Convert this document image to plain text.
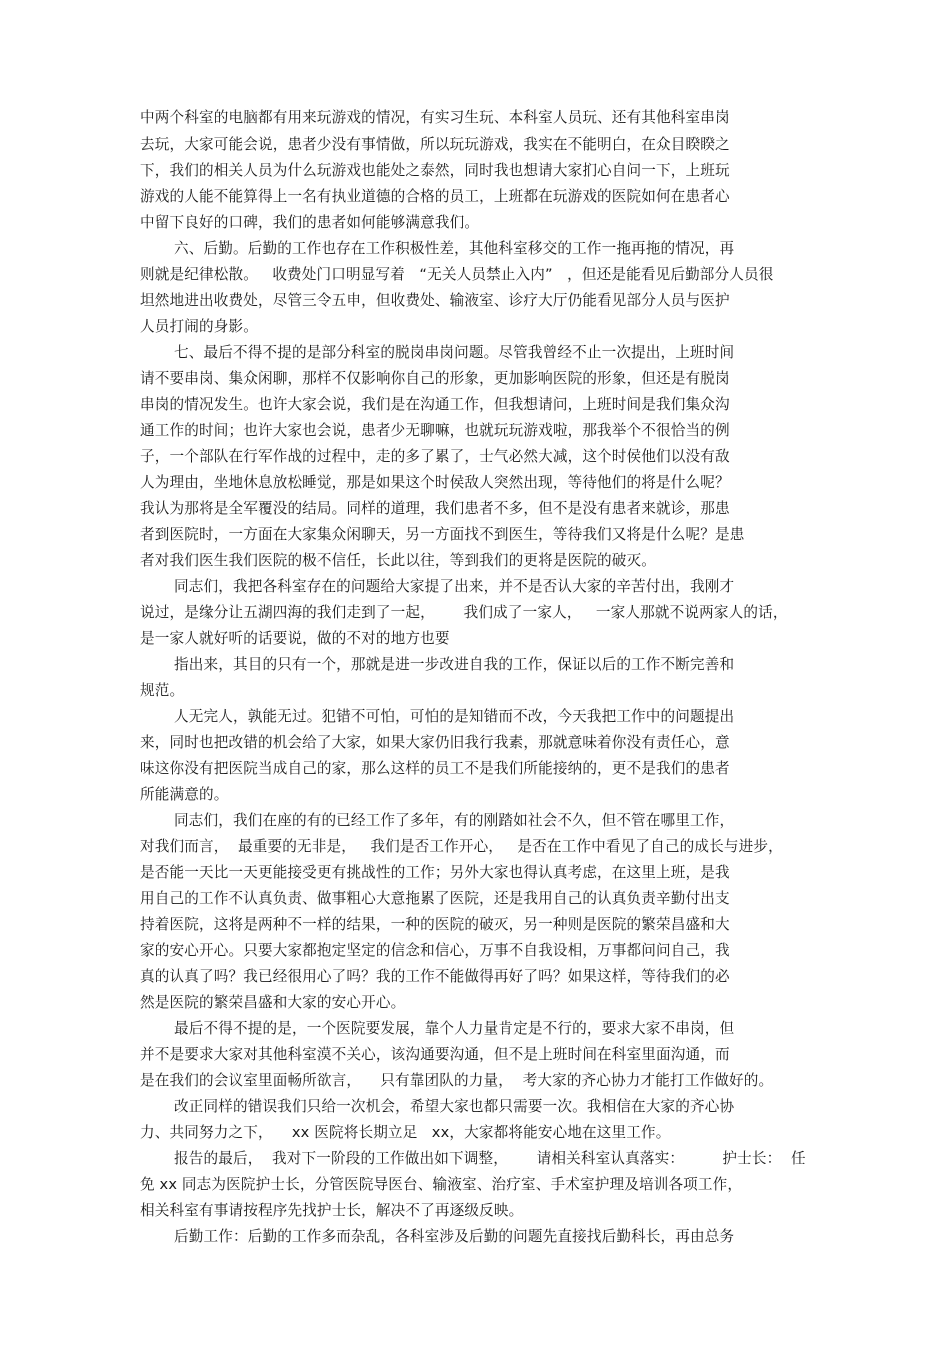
中两个科室的电脑都有用来玩游戏的情况，有实习生玩、本科室人员玩、还有其他科室串岗
去玩，大家可能会说，患者少没有事情做，所以玩玩游戏，我实在不能明白，在众目睽睽之
下，我们的相关人员为什么玩游戏也能处之泰然，同时我也想请大家扪心自问一下，上班玩
游戏的人能不能算得上一名有执业道德的合格的员工，上班都在玩游戏的医院如何在患者心
中留下良好的口碑，我们的患者如何能够满意我们。
六、后勤。后勤的工作也存在工作积极性差，其他科室移交的工作一拖再拖的情况，再
则就是纪律松散。   收费处门口明显写着   “无关人员禁止入内”   ，但还是能看见后勤部分人员很
坦然地进出收费处，尽管三令五申，但收费处、输液室、诊疗大厅仍能看见部分人员与医护
人员打闹的身影。
七、最后不得不提的是部分科室的脱岗串岗问题。尽管我曾经不止一次提出，上班时间
请不要串岗、集众闲聊，那样不仅影响你自己的形象，更加影响医院的形象，但还是有脱岗
串岗的情况发生。也许大家会说，我们是在沟通工作，但我想请问，上班时间是我们集众沟
通工作的时间；也许大家也会说，患者少无聊嘛，也就玩玩游戏啦，那我举个不很恰当的例
子，一个部队在行军作战的过程中，走的多了累了，士气必然大减，这个时侯他们以没有敌
人为理由，坐地休息放松睡觉，那是如果这个时侯敌人突然出现，等待他们的将是什么呢？
我认为那将是全军覆没的结局。同样的道理，我们患者不多，但不是没有患者来就诊，那患
者到医院时，一方面在大家集众闲聊天，另一方面找不到医生，等待我们又将是什么呢？是患
者对我们医生我们医院的极不信任，长此以往，等到我们的更将是医院的破灭。
同志们，我把各科室存在的问题给大家提了出来，并不是否认大家的辛苦付出，我刚才
说过，是缘分让五湖四海的我们走到了一起，      我们成了一家人，   一家人那就不说两家人的话，
是一家人就好听的话要说，做的不对的地方也要
指出来，其目的只有一个，那就是进一步改进自我的工作，保证以后的工作不断完善和
规范。
人无完人，孰能无过。犯错不可怕，可怕的是知错而不改，今天我把工作中的问题提出
来，同时也把改错的机会给了大家，如果大家仍旧我行我素，那就意味着你没有责任心，意
味这你没有把医院当成自己的家，那么这样的员工不是我们所能接纳的，更不是我们的患者
所能满意的。
同志们，我们在座的有的已经工作了多年，有的刚踏如社会不久，但不管在哪里工作，
对我们而言，  最重要的无非是，   我们是否工作开心，   是否在工作中看见了自己的成长与进步，
是否能一天比一天更能接受更有挑战性的工作；另外大家也得认真考虑，在这里上班，是我
用自己的工作不认真负责、做事粗心大意拖累了医院，还是我用自己的认真负责辛勤付出支
持着医院，这将是两种不一样的结果，一种的医院的破灭，另一种则是医院的繁荣昌盛和大
家的安心开心。只要大家都抱定坚定的信念和信心，万事不自我设相，万事都问问自己，我
真的认真了吗？我已经很用心了吗？我的工作不能做得再好了吗？如果这样，等待我们的必
然是医院的繁荣昌盛和大家的安心开心。
最后不得不提的是，一个医院要发展，靠个人力量肯定是不行的，要求大家不串岗，但
并不是要求大家对其他科室漠不关心，该沟通要沟通，但不是上班时间在科室里面沟通，而
是在我们的会议室里面畅所欲言，    只有靠团队的力量，  考大家的齐心协力才能打工作做好的。
改正同样的错误我们只给一次机会，希望大家也都只需要一次。我相信在大家的齐心协
力、共同努力之下，    xx 医院将长期立足   xx，大家都将能安心地在这里工作。
报告的最后，  我对下一阶段的工作做出如下调整，      请相关科室认真落实：        护士长：  任
免 xx 同志为医院护士长，分管医院导医台、输液室、治疗室、手术室护理及培训各项工作，
相关科室有事请按程序先找护士长，解决不了再逐级反映。
后勤工作：后勤的工作多而杂乱，各科室涉及后勤的问题先直接找后勤科长，再由总务
